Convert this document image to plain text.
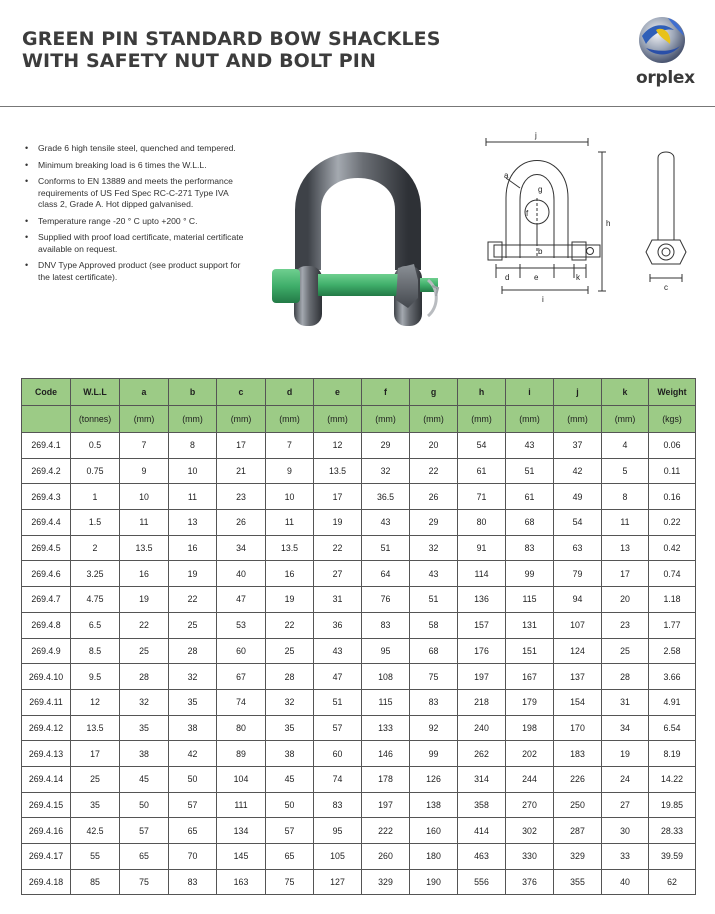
GREEN PIN STANDARD BOW SHACKLES
WITH SAFETY NUT AND BOLT PIN
orplex
• Grade 6 high tensile steel, quenched and tempered.
• Minimum breaking load is 6 times the W.L.L.
• Conforms to EN 13889 and meets the performance requirements of US Fed Spec RC-C-271 Type IVA class 2, Grade A. Hot dipped galvanised.
• Temperature range -20 ° C upto +200 ° C.
• Supplied with proof load certificate, material certificate available on request.
• DNV Type Approved product (see product support for the latest certificate).
j
a
g
f
h
b
d	e	k
i
c
Code	W.L.L	a	b	c	d	e	f	g	h	i	j	k	Weight
	(tonnes)	(mm)	(mm)	(mm)	(mm)	(mm)	(mm)	(mm)	(mm)	(mm)	(mm)	(mm)	(kgs)
269.4.1	0.5	7	8	17	7	12	29	20	54	43	37	4	0.06
269.4.2	0.75	9	10	21	9	13.5	32	22	61	51	42	5	0.11
269.4.3	1	10	11	23	10	17	36.5	26	71	61	49	8	0.16
269.4.4	1.5	11	13	26	11	19	43	29	80	68	54	11	0.22
269.4.5	2	13.5	16	34	13.5	22	51	32	91	83	63	13	0.42
269.4.6	3.25	16	19	40	16	27	64	43	114	99	79	17	0.74
269.4.7	4.75	19	22	47	19	31	76	51	136	115	94	20	1.18
269.4.8	6.5	22	25	53	22	36	83	58	157	131	107	23	1.77
269.4.9	8.5	25	28	60	25	43	95	68	176	151	124	25	2.58
269.4.10	9.5	28	32	67	28	47	108	75	197	167	137	28	3.66
269.4.11	12	32	35	74	32	51	115	83	218	179	154	31	4.91
269.4.12	13.5	35	38	80	35	57	133	92	240	198	170	34	6.54
269.4.13	17	38	42	89	38	60	146	99	262	202	183	19	8.19
269.4.14	25	45	50	104	45	74	178	126	314	244	226	24	14.22
269.4.15	35	50	57	111	50	83	197	138	358	270	250	27	19.85
269.4.16	42.5	57	65	134	57	95	222	160	414	302	287	30	28.33
269.4.17	55	65	70	145	65	105	260	180	463	330	329	33	39.59
269.4.18	85	75	83	163	75	127	329	190	556	376	355	40	62
